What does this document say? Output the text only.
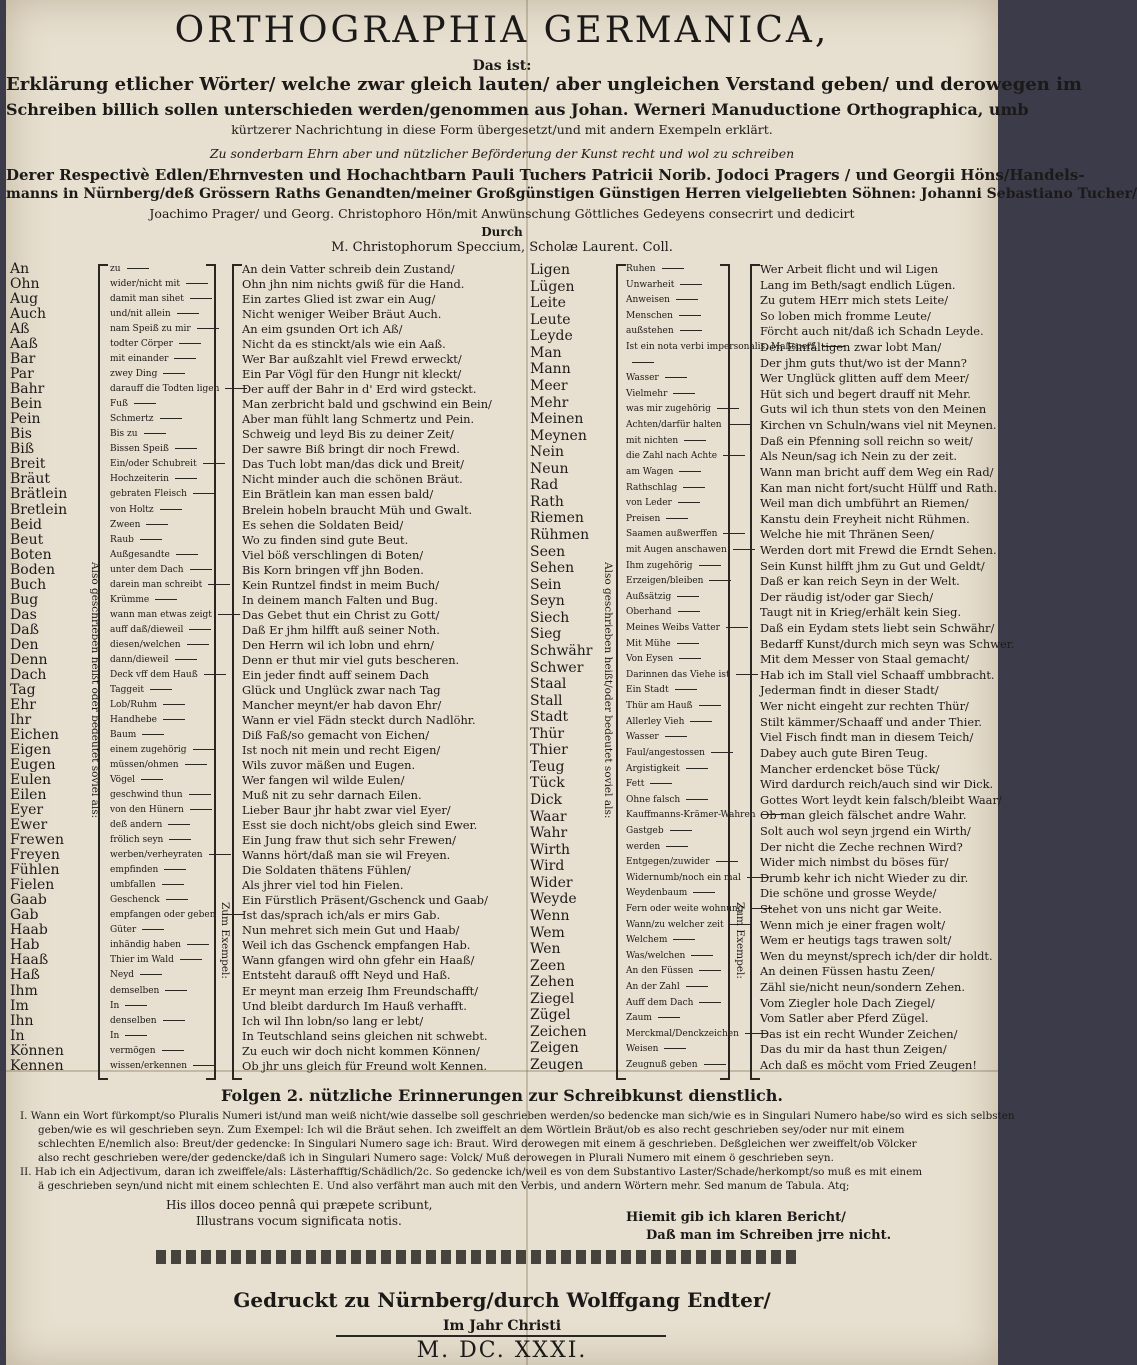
ORTHOGRAPHIA GERMANICA,
Das ist:
Erklärung etlicher Wörter/ welche zwar gleich lauten/ aber ungleichen Verstand geben/ und derowegen im
Schreiben billich sollen unterschieden werden/genommen aus Johan. Werneri Manuductione Orthographica, umb
kürtzerer Nachrichtung in diese Form übergesetzt/und mit andern Exempeln erklärt.
Zu sonderbarn Ehrn aber und nützlicher Beförderung der Kunst recht und wol zu schreiben
Derer Respectivè Edlen/Ehrnvesten und Hochachtbarn Pauli Tuchers Patricii Norib. Jodoci Pragers / und Georgii Höns/Handels-
manns in Nürnberg/deß Grössern Raths Genandten/meiner Großgünstigen Günstigen Herren vielgeliebten Söhnen: Johanni Sebastiano Tucher/
Joachimo Prager/ und Georg. Christophoro Hön/mit Anwünschung Göttliches Gedeyens consecrirt und dedicirt
Durch
M. Christophorum Speccium, Scholæ Laurent. Coll.
An
Ohn
Aug
Auch
Aß
Aaß
Bar
Par
Bahr
Bein
Pein
Bis
Biß
Breit
Bräut
Brätlein
Bretlein
Beid
Beut
Boten
Boden
Buch
Bug
Das
Daß
Den
Denn
Dach
Tag
Ehr
Ihr
Eichen
Eigen
Eugen
Eulen
Eilen
Eyer
Ewer
Frewen
Freyen
Fühlen
Fielen
Gaab
Gab
Haab
Hab
Haaß
Haß
Ihm
Im
Ihn
In
Können
Kennen
zu
wider/nicht mit
damit man sihet
und/nit allein
nam Speiß zu mir
todter Cörper
mit einander
zwey Ding
darauff die Todten ligen
Fuß
Schmertz
Bis zu
Bissen Speiß
Ein/oder Schubreit
Hochzeiterin
gebraten Fleisch
von Holtz
Zween
Raub
Außgesandte
unter dem Dach
darein man schreibt
Krümme
wann man etwas zeigt
auff daß/dieweil
diesen/welchen
dann/dieweil
Deck vff dem Hauß
Taggeit
Lob/Ruhm
Handhebe
Baum
einem zugehörig
müssen/ohmen
Vögel
geschwind thun
von den Hünern
deß andern
frölich seyn
werben/verheyraten
empfinden
umbfallen
Geschenck
empfangen oder geben
Güter
inhändig haben
Thier im Wald
Neyd
demselben
In
denselben
In
vermögen
wissen/erkennen
Also geschrieben heißt oder bedeutet soviel als:
Zum Exempel:
An dein Vatter schreib dein Zustand/
Ohn jhn nim nichts gwiß für die Hand.
Ein zartes Glied ist zwar ein Aug/
Nicht weniger Weiber Bräut Auch.
An eim gsunden Ort ich Aß/
Nicht da es stinckt/als wie ein Aaß.
Wer Bar außzahlt viel Frewd erweckt/
Ein Par Vögl für den Hungr nit kleckt/
Der auff der Bahr in d' Erd wird gsteckt.
Man zerbricht bald und gschwind ein Bein/
Aber man fühlt lang Schmertz und Pein.
Schweig und leyd Bis zu deiner Zeit/
Der sawre Biß bringt dir noch Frewd.
Das Tuch lobt man/das dick und Breit/
Nicht minder auch die schönen Bräut.
Ein Brätlein kan man essen bald/
Brelein hobeln braucht Müh und Gwalt.
Es sehen die Soldaten Beid/
Wo zu finden sind gute Beut.
Viel böß verschlingen di Boten/
Bis Korn bringen vff jhn Boden.
Kein Runtzel findst in meim Buch/
In deinem manch Falten und Bug.
Das Gebet thut ein Christ zu Gott/
Daß Er jhm hilfft auß seiner Noth.
Den Herrn wil ich lobn und ehrn/
Denn er thut mir viel guts bescheren.
Ein jeder findt auff seinem Dach
Glück und Unglück zwar nach Tag
Mancher meynt/er hab davon Ehr/
Wann er viel Fädn steckt durch Nadlöhr.
Diß Faß/so gemacht von Eichen/
Ist noch nit mein und recht Eigen/
Wils zuvor mäßen und Eugen.
Wer fangen wil wilde Eulen/
Muß nit zu sehr darnach Eilen.
Lieber Baur jhr habt zwar viel Eyer/
Esst sie doch nicht/obs gleich sind Ewer.
Ein Jung fraw thut sich sehr Frewen/
Wanns hört/daß man sie wil Freyen.
Die Soldaten thätens Fühlen/
Als jhrer viel tod hin Fielen.
Ein Fürstlich Präsent/Gschenck und Gaab/
Ist das/sprach ich/als er mirs Gab.
Nun mehret sich mein Gut und Haab/
Weil ich das Gschenck empfangen Hab.
Wann gfangen wird ohn gfehr ein Haaß/
Entsteht darauß offt Neyd und Haß.
Er meynt man erzeig Ihm Freundschafft/
Und bleibt dardurch Im Hauß verhafft.
Ich wil Ihn lobn/so lang er lebt/
In Teutschland seins gleichen nit schwebt.
Zu euch wir doch nicht kommen Können/
Ob jhr uns gleich für Freund wolt Kennen.
Ligen
Lügen
Leite
Leute
Leyde
Man
Mann
Meer
Mehr
Meinen
Meynen
Nein
Neun
Rad
Rath
Riemen
Rühmen
Seen
Sehen
Sein
Seyn
Siech
Sieg
Schwähr
Schwer
Staal
Stall
Stadt
Thür
Thier
Teug
Tück
Dick
Waar
Wahr
Wirth
Wird
Wider
Weyde
Wenn
Wem
Wen
Zeen
Zehen
Ziegel
Zügel
Zeichen
Zeigen
Zeugen
Ruhen
Unwarheit
Anweisen
Menschen
außstehen
Ist ein nota verbi impersonalis. Maßsperf.
Wasser
Vielmehr
was mir zugehörig
Achten/darfür halten
mit nichten
die Zahl nach Achte
am Wagen
Rathschlag
von Leder
Preisen
Saamen außwerffen
mit Augen anschawen
Ihm zugehörig
Erzeigen/bleiben
Außsätzig
Oberhand
Meines Weibs Vatter
Mit Mühe
Von Eysen
Darinnen das Viehe ist
Ein Stadt
Thür am Hauß
Allerley Vieh
Wasser
Faul/angestossen
Argistigkeit
Fett
Ohne falsch
Kauffmanns-Krämer-Wahren
Gastgeb
werden
Entgegen/zuwider
Widernumb/noch ein mal
Weydenbaum
Fern oder weite wohnung
Wann/zu welcher zeit
Welchem
Was/welchen
An den Füssen
An der Zahl
Auff dem Dach
Zaum
Merckmal/Denckzeichen
Weisen
Zeugnuß geben
Also geschrieben heißt/oder bedeutet soviel als:
Zum Exempel:
Wer Arbeit flicht und wil Ligen
Lang im Beth/sagt endlich Lügen.
Zu gutem HErr mich stets Leite/
So loben mich fromme Leute/
Förcht auch nit/daß ich Schadn Leyde.
Den Einfältigen zwar lobt Man/
Der jhm guts thut/wo ist der Mann?
Wer Unglück glitten auff dem Meer/
Hüt sich und begert drauff nit Mehr.
Guts wil ich thun stets von den Meinen
Kirchen vn Schuln/wans viel nit Meynen.
Daß ein Pfenning soll reichn so weit/
Als Neun/sag ich Nein zu der zeit.
Wann man bricht auff dem Weg ein Rad/
Kan man nicht fort/sucht Hülff und Rath.
Weil man dich umbführt an Riemen/
Kanstu dein Freyheit nicht Rühmen.
Welche hie mit Thränen Seen/
Werden dort mit Frewd die Erndt Sehen.
Sein Kunst hilfft jhm zu Gut und Geldt/
Daß er kan reich Seyn in der Welt.
Der räudig ist/oder gar Siech/
Taugt nit in Krieg/erhält kein Sieg.
Daß ein Eydam stets liebt sein Schwähr/
Bedarff Kunst/durch mich seyn was Schwer.
Mit dem Messer von Staal gemacht/
Hab ich im Stall viel Schaaff umbbracht.
Jederman findt in dieser Stadt/
Wer nicht eingeht zur rechten Thür/
Stilt kämmer/Schaaff und ander Thier.
Viel Fisch findt man in diesem Teich/
Dabey auch gute Biren Teug.
Mancher erdencket böse Tück/
Wird dardurch reich/auch sind wir Dick.
Gottes Wort leydt kein falsch/bleibt Waar/
Ob man gleich fälschet andre Wahr.
Solt auch wol seyn jrgend ein Wirth/
Der nicht die Zeche rechnen Wird?
Wider mich nimbst du böses für/
Drumb kehr ich nicht Wieder zu dir.
Die schöne und grosse Weyde/
Stehet von uns nicht gar Weite.
Wenn mich je einer fragen wolt/
Wem er heutigs tags trawen solt/
Wen du meynst/sprech ich/der dir holdt.
An deinen Füssen hastu Zeen/
Zähl sie/nicht neun/sondern Zehen.
Vom Ziegler hole Dach Ziegel/
Vom Satler aber Pferd Zügel.
Das ist ein recht Wunder Zeichen/
Das du mir da hast thun Zeigen/
Ach daß es möcht vom Fried Zeugen!
Folgen 2. nützliche Erinnerungen zur Schreibkunst dienstlich.
I. Wann ein Wort fürkompt/so Pluralis Numeri ist/und man weiß nicht/wie dasselbe soll geschrieben werden/so bedencke man sich/wie es in Singulari Numero habe/so wird es sich selbsten
geben/wie es wil geschrieben seyn. Zum Exempel: Ich wil die Bräut sehen. Ich zweiffelt an dem Wörtlein Bräut/ob es also recht geschrieben sey/oder nur mit einem
schlechten E/nemlich also: Breut/der gedencke: In Singulari Numero sage ich: Braut. Wird derowegen mit einem ä geschrieben. Deßgleichen wer zweiffelt/ob Völcker
also recht geschrieben were/der gedencke/daß ich in Singulari Numero sage: Volck/ Muß derowegen in Plurali Numero mit einem ö geschrieben seyn.
II. Hab ich ein Adjectivum, daran ich zweiffele/als: Lästerhafftig/Schädlich/2c. So gedencke ich/weil es von dem Substantivo Laster/Schade/herkompt/so muß es mit einem
ä geschrieben seyn/und nicht mit einem schlechten E. Und also verfährt man auch mit den Verbis, und andern Wörtern mehr. Sed manum de Tabula. Atq;
His illos doceo pennâ qui præpete scribunt,
Illustrans vocum significata notis.	Hiemit gib ich klaren Bericht/
Daß man im Schreiben jrre nicht.
Gedruckt zu Nürnberg/durch Wolffgang Endter/
Im Jahr Christi
M. DC. XXXI.
